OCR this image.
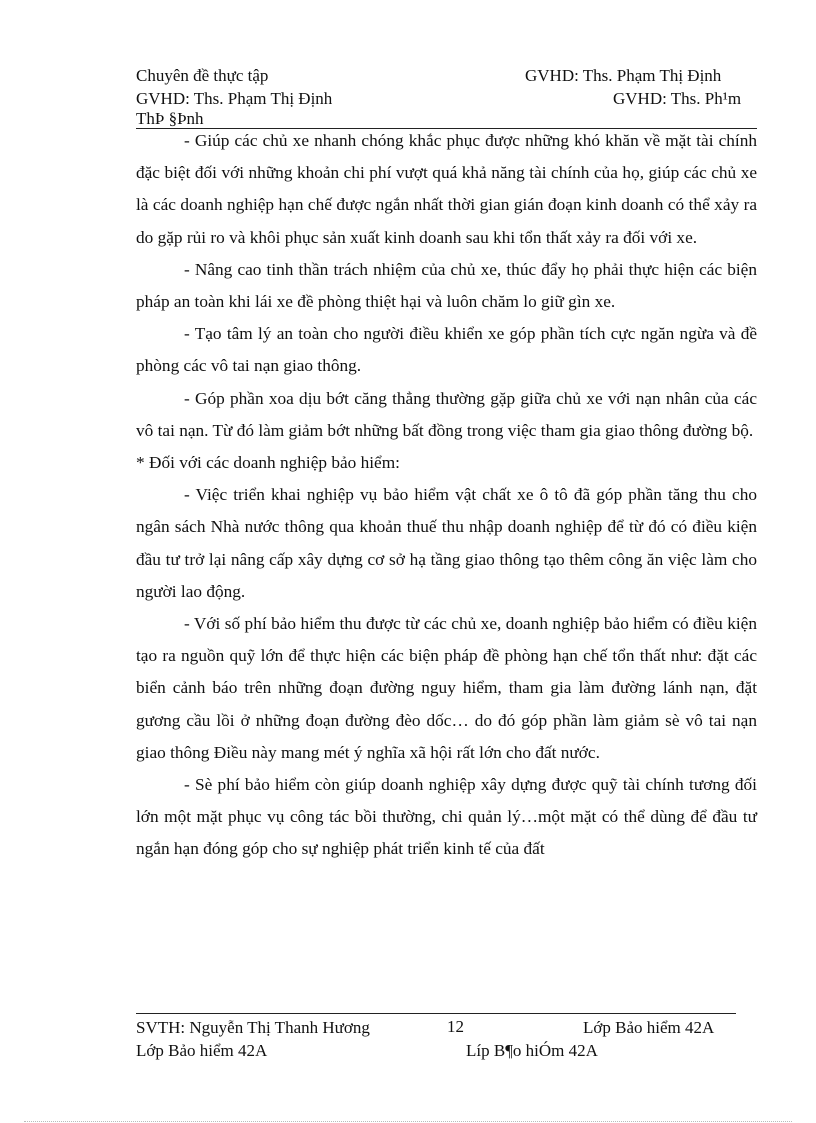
Chuyên đề thực tập	GVHD: Ths. Phạm Thị Định
GVHD: Ths. Phạm Thị Định	GVHD: Ths. Ph¹m
ThÞ §Þnh

- Giúp các chủ xe nhanh chóng khắc phục được những khó khăn về mặt tài chính đặc biệt đối với những khoản chi phí vượt quá khả năng tài chính của họ, giúp các chủ xe là các doanh nghiệp hạn chế được ngắn nhất thời gian gián đoạn kinh doanh có thể xảy ra do gặp rủi ro và khôi phục sản xuất kinh doanh sau khi tổn thất xảy ra đối với xe.

- Nâng cao tinh thần trách nhiệm của chủ xe, thúc đẩy họ phải thực hiện các biện pháp an toàn khi lái xe đề phòng thiệt hại và luôn chăm lo giữ gìn xe.

- Tạo tâm lý an toàn cho người điều khiển xe góp phần tích cực ngăn ngừa và đề phòng các vô tai nạn giao thông.

- Góp phần xoa dịu bớt căng thẳng thường gặp giữa chủ xe với nạn nhân của các vô tai nạn. Từ đó làm giảm bớt những bất đồng trong việc tham gia giao thông đường bộ.

* Đối với các doanh nghiệp bảo hiểm:

- Việc triển khai nghiệp vụ bảo hiểm vật chất xe ô tô đã góp phần tăng thu cho ngân sách Nhà nước thông qua khoản thuế thu nhập doanh nghiệp để từ đó có điều kiện đầu tư trở lại nâng cấp xây dựng cơ sở hạ tầng giao thông tạo thêm công ăn việc làm cho người lao động.

- Với số phí bảo hiểm thu được từ các chủ xe, doanh nghiệp bảo hiểm có điều kiện tạo ra nguồn quỹ lớn để thực hiện các biện pháp đề phòng hạn chế tổn thất như: đặt các biển cảnh báo trên những đoạn đường nguy hiểm, tham gia làm đường lánh nạn, đặt gương cầu lồi ở những đoạn đường đèo dốc… do đó góp phần làm giảm sè vô tai nạn giao thông Điều này mang mét ý nghĩa xã hội rất lớn cho đất nước.

- Sè phí bảo hiểm còn giúp doanh nghiệp xây dựng được quỹ tài chính tương đối lớn một mặt phục vụ công tác bồi thường, chi quản lý…một mặt có thể dùng để đầu tư ngắn hạn đóng góp cho sự nghiệp phát triển kinh tế của đất

SVTH: Nguyễn Thị Thanh Hương	12	Lớp Bảo hiểm 42A
Lớp Bảo hiểm 42A	Líp B¶o hiÓm 42A
